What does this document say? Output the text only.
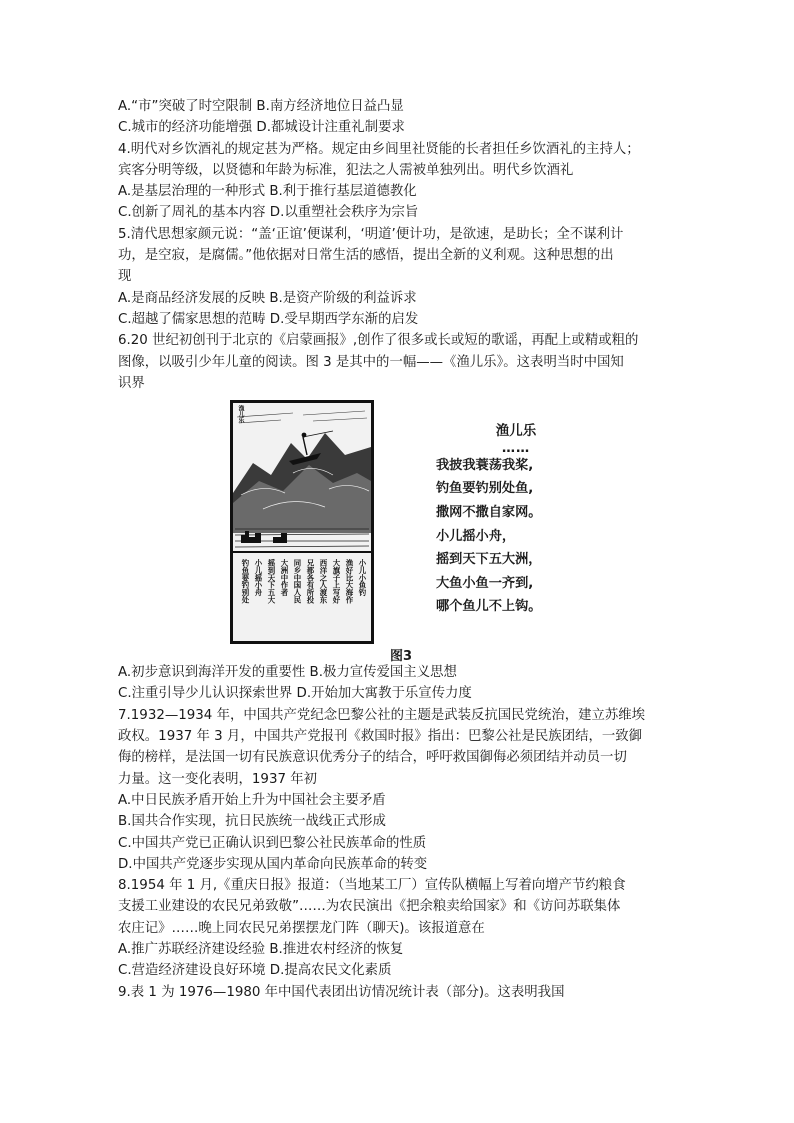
A.“市”突破了时空限制 B.南方经济地位日益凸显
C.城市的经济功能增强 D.都城设计注重礼制要求
4.明代对乡饮酒礼的规定甚为严格。规定由乡闾里社贤能的长者担任乡饮酒礼的主持人；
宾客分明等级，以贤德和年龄为标准，犯法之人需被单独列出。明代乡饮酒礼
A.是基层治理的一种形式 B.利于推行基层道德教化
C.创新了周礼的基本内容 D.以重塑社会秩序为宗旨
5.清代思想家颜元说：“盖‘正谊’便谋利，‘明道’便计功，是欲速，是助长；全不谋利计
功，是空寂，是腐儒。”他依据对日常生活的感悟，提出全新的义利观。这种思想的出
现
A.是商品经济发展的反映 B.是资产阶级的利益诉求
C.超越了儒家思想的范畴 D.受早期西学东渐的启发
6.20 世纪初创刊于北京的《启蒙画报》,创作了很多或长或短的歌谣，再配上或精或粗的
图像，以吸引少年儿童的阅读。图 3 是其中的一幅——《渔儿乐》。这表明当时中国知
识界
小儿小鱼钓
渔好比大海作
大旗子上写好
西洋之人渡东
兄都各有所投
同乡中国人民
大洲中作者
摇到天下五大
小儿摇小舟
钓鱼要钓别处
渔儿乐
渔儿乐
……
我披我蓑荡我桨,
钓鱼要钓别处鱼,
撒网不撒自家网。
小儿摇小舟，
摇到天下五大洲，
大鱼小鱼一齐到,
哪个鱼儿不上钩。
图3
A.初步意识到海洋开发的重要性 B.极力宣传爱国主义思想
C.注重引导少儿认识探索世界 D.开始加大寓教于乐宣传力度
7.1932—1934 年，中国共产党纪念巴黎公社的主题是武装反抗国民党统治，建立苏维埃
政权。1937 年 3 月，中国共产党报刊《救国时报》指出：巴黎公社是民族团结，一致御
侮的榜样，是法国一切有民族意识优秀分子的结合，呼吁救国御侮必须团结并动员一切
力量。这一变化表明，1937 年初
A.中日民族矛盾开始上升为中国社会主要矛盾
B.国共合作实现，抗日民族统一战线正式形成
C.中国共产党已正确认识到巴黎公社民族革命的性质
D.中国共产党逐步实现从国内革命向民族革命的转变
8.1954 年 1 月,《重庆日报》报道：（当地某工厂）宣传队横幅上写着向增产节约粮食
支援工业建设的农民兄弟致敬”……为农民演出《把余粮卖给国家》和《访问苏联集体
农庄记》……晚上同农民兄弟摆摆龙门阵（聊天)。该报道意在
A.推广苏联经济建设经验 B.推进农村经济的恢复
C.营造经济建设良好环境 D.提高农民文化素质
9.表 1 为 1976—1980 年中国代表团出访情况统计表（部分)。这表明我国
